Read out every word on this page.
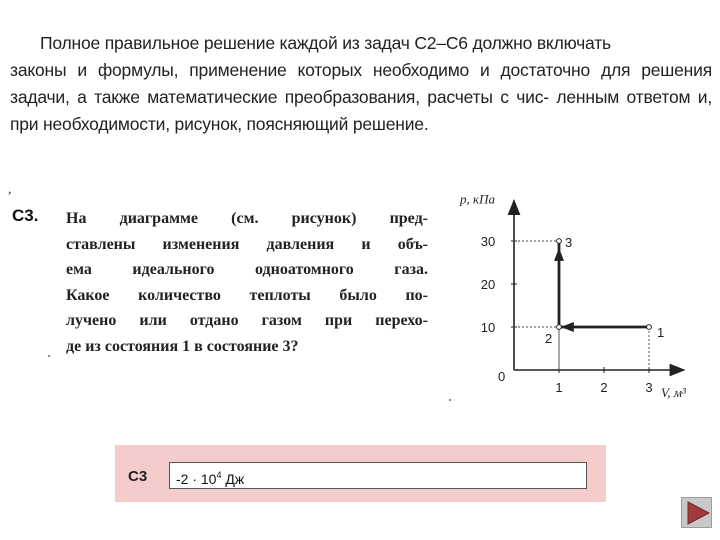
Полное правильное решение каждой из задач С2–С6 должно включать
законы и формулы, применение которых необходимо и достаточно для решения задачи, а также математические преобразования, расчеты с чис- ленным ответом и, при необходимости, рисунок, поясняющий решение.
,
С3. На диаграмме (см. рисунок) пред-
ставлены изменения давления и объ-
ема идеального одноатомного газа.
Какое количество теплоты было по-
лучено или отдано газом при перехо-
де из состояния 1 в состояние 3?
p, кПа
V, м³
0
1	2	3
10
20
30
1
2
3
С3	$-2 \cdot 10^4$ Дж
